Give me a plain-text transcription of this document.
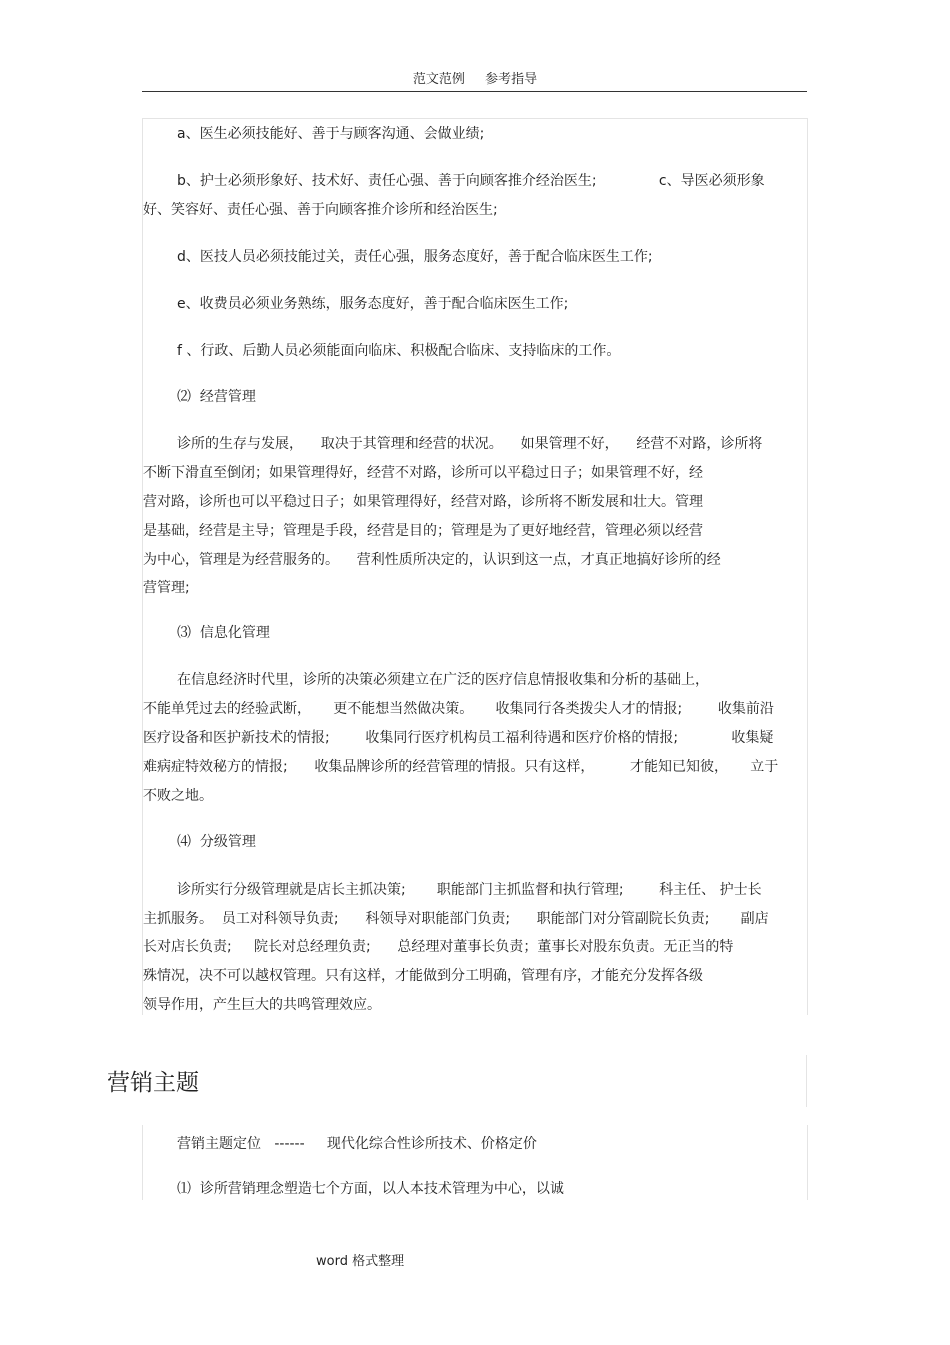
范文范例 参考指导
a、医生必须技能好、善于与顾客沟通、会做业绩;
b、护士必须形象好、技术好、责任心强、善于向顾客推介经治医生;              c、导医必须形象
好、笑容好、责任心强、善于向顾客推介诊所和经治医生;
d、医技人员必须技能过关，责任心强，服务态度好，善于配合临床医生工作;
e、收费员必须业务熟练，服务态度好，善于配合临床医生工作;
f 、行政、后勤人员必须能面向临床、积极配合临床、支持临床的工作。
⑵  经营管理
诊所的生存与发展，    取决于其管理和经营的状况。    如果管理不好，    经营不对路，诊所将
不断下滑直至倒闭；如果管理得好，经营不对路，诊所可以平稳过日子；如果管理不好，经
营对路，诊所也可以平稳过日子；如果管理得好，经营对路，诊所将不断发展和壮大。管理
是基础，经营是主导；管理是手段，经营是目的；管理是为了更好地经营，管理必须以经营
为中心，管理是为经营服务的。    营利性质所决定的，认识到这一点，才真正地搞好诊所的经
营管理;
⑶  信息化管理
在信息经济时代里，诊所的决策必须建立在广泛的医疗信息情报收集和分析的基础上，
不能单凭过去的经验武断，     更不能想当然做决策。     收集同行各类拨尖人才的情报;        收集前沿
医疗设备和医护新技术的情报;        收集同行医疗机构员工福利待遇和医疗价格的情报;            收集疑
难病症特效秘方的情报;      收集品牌诊所的经营管理的情报。只有这样，        才能知已知彼，     立于
不败之地。
⑷  分级管理
诊所实行分级管理就是店长主抓决策;       职能部门主抓监督和执行管理;        科主任、 护士长
主抓服务。  员工对科领导负责;      科领导对职能部门负责;      职能部门对分管副院长负责;       副店
长对店长负责;     院长对总经理负责;      总经理对董事长负责；董事长对股东负责。无正当的特
殊情况，决不可以越权管理。只有这样，才能做到分工明确，管理有序，才能充分发挥各级
领导作用，产生巨大的共鸣管理效应。
营销主题定位   ------     现代化综合性诊所技术、价格定价
⑴  诊所营销理念塑造七个方面，以人本技术管理为中心，以诚
营销主题
word 格式整理
